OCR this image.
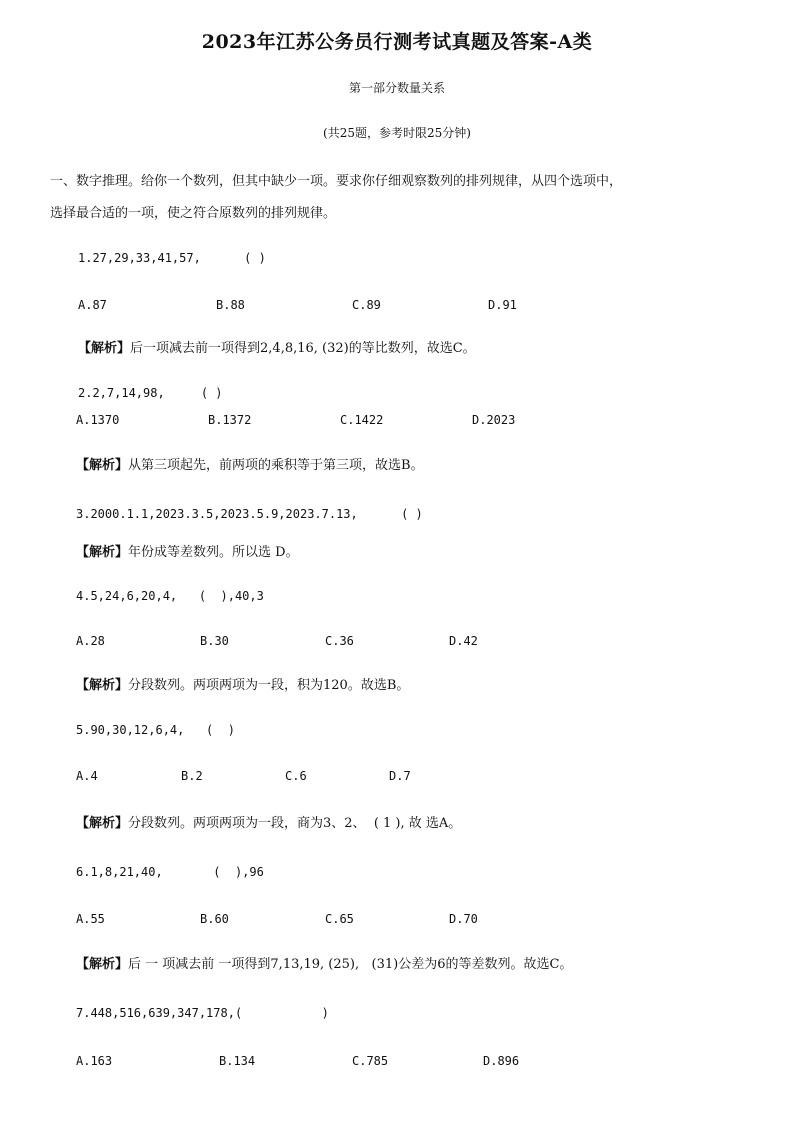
2023年江苏公务员行测考试真题及答案-A类
第一部分数量关系
(共25题，参考时限25分钟)
一、数字推理。给你一个数列，但其中缺少一项。要求你仔细观察数列的排列规律，从四个选项中，
选择最合适的一项，使之符合原数列的排列规律。
1.27,29,33,41,57,      ( )
A.87	B.88	C.89	D.91
【解析】后一项减去前一项得到2,4,8,16, (32)的等比数列，故选C。
2.2,7,14,98,     ( )
A.1370	B.1372	C.1422	D.2023
【解析】从第三项起先，前两项的乘积等于第三项，故选B。
3.2000.1.1,2023.3.5,2023.5.9,2023.7.13,      ( )
【解析】年份成等差数列。所以选 D。
4.5,24,6,20,4,   (  ),40,3
A.28	B.30	C.36	D.42
【解析】分段数列。两项两项为一段，积为120。故选B。
5.90,30,12,6,4,   (  )
A.4	B.2	C.6	D.7
【解析】分段数列。两项两项为一段，商为3、2、  ( 1 ), 故 选A。
6.1,8,21,40,       (  ),96
A.55	B.60	C.65	D.70
【解析】后 一 项减去前 一项得到7,13,19, (25),   (31)公差为6的等差数列。故选C。
7.448,516,639,347,178,(           )
A.163	B.134	C.785	D.896
